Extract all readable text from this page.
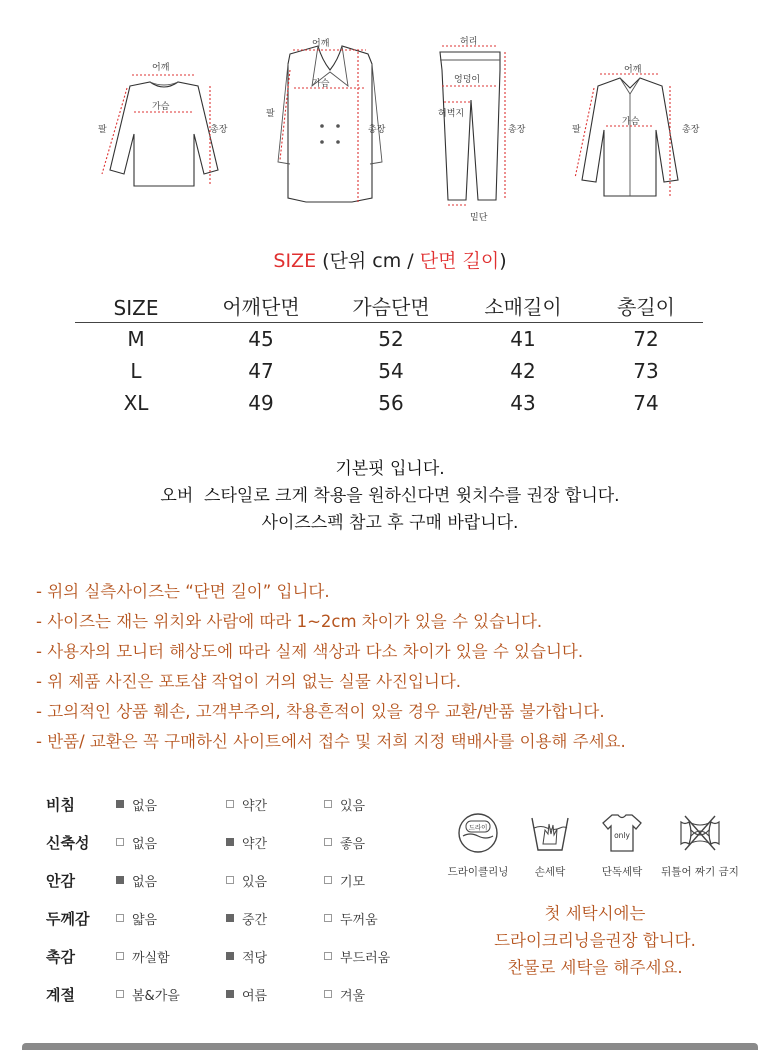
어깨
가슴
팔	총장
어깨
가슴
팔
총장
허리
엉덩이
허벅지
총장
밑단
어깨
가슴
팔	총장
SIZE (단위 cm / 단면 길이)
SIZE	어깨단면	가슴단면	소매길이	총길이
M	45	52	41	72
L	47	54	42	73
XL	49	56	43	74
기본핏 입니다.
오버  스타일로 크게 착용을 원하신다면 윗치수를 권장 합니다.
사이즈스펙 참고 후 구매 바랍니다.
- 위의 실측사이즈는 “단면 길이” 입니다.
- 사이즈는 재는 위치와 사람에 따라 1~2cm 차이가 있을 수 있습니다.
- 사용자의 모니터 해상도에 따라 실제 색상과 다소 차이가 있을 수 있습니다.
- 위 제품 사진은 포토샵 작업이 거의 없는 실물 사진입니다.
- 고의적인 상품 훼손, 고객부주의, 착용흔적이 있을 경우 교환/반품 불가합니다.
- 반품/ 교환은 꼭 구매하신 사이트에서 접수 및 저희 지정 택배사를 이용해 주세요.
비침	없음	약간	있음
신축성	없음	약간	좋음
안감	없음	있음	기모
두께감	얇음	중간	두꺼움
촉감	까실함	적당	부드러움
계절	봄&가을	여름	겨울
드라이
드라이클리닝	손세탁
only
단독세탁	뒤틀어 짜기 금지
첫 세탁시에는
드라이크리닝을권장 합니다.
찬물로 세탁을 해주세요.
